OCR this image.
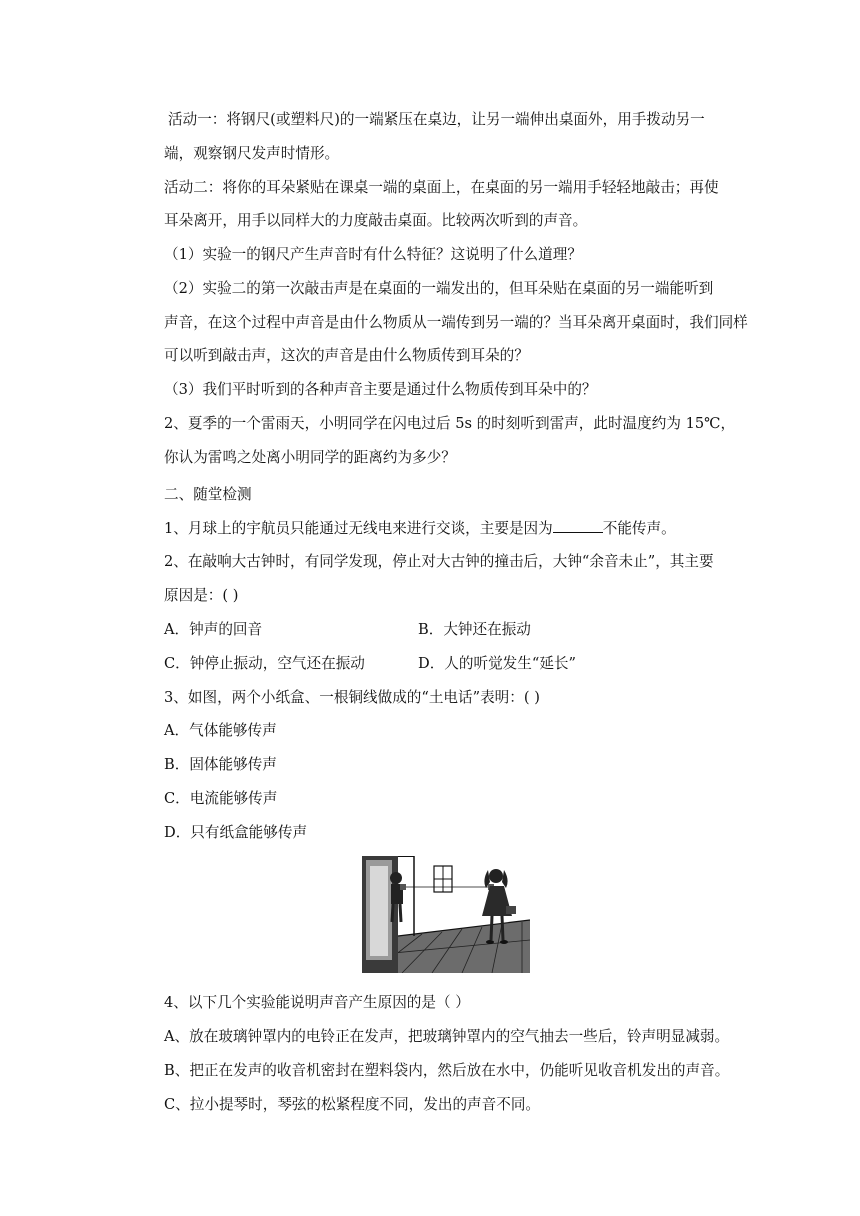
活动一：将钢尺(或塑料尺)的一端紧压在桌边，让另一端伸出桌面外，用手拨动另一
端，观察钢尺发声时情形。
活动二：将你的耳朵紧贴在课桌一端的桌面上，在桌面的另一端用手轻轻地敲击；再使
耳朵离开，用手以同样大的力度敲击桌面。比较两次听到的声音。
（1）实验一的钢尺产生声音时有什么特征？这说明了什么道理？
（2）实验二的第一次敲击声是在桌面的一端发出的，但耳朵贴在桌面的另一端能听到
声音，在这个过程中声音是由什么物质从一端传到另一端的？当耳朵离开桌面时，我们同样
可以听到敲击声，这次的声音是由什么物质传到耳朵的？
（3）我们平时听到的各种声音主要是通过什么物质传到耳朵中的？
2、夏季的一个雷雨天，小明同学在闪电过后 5s 的时刻听到雷声，此时温度约为 15℃，
你认为雷鸣之处离小明同学的距离约为多少？
二、随堂检测
1、月球上的宇航员只能通过无线电来进行交谈，主要是因为	不能传声。
2、在敲响大古钟时，有同学发现，停止对大古钟的撞击后，大钟“余音未止”，其主要
原因是：( )
A．钟声的回音	B．大钟还在振动
C．钟停止振动，空气还在振动	D．人的听觉发生“延长”
3、如图，两个小纸盒、一根铜线做成的“土电话”表明：( )
A．气体能够传声
B．固体能够传声
C．电流能够传声
D．只有纸盒能够传声
4、以下几个实验能说明声音产生原因的是（ ）
A、放在玻璃钟罩内的电铃正在发声，把玻璃钟罩内的空气抽去一些后，铃声明显减弱。
B、把正在发声的收音机密封在塑料袋内，然后放在水中，仍能听见收音机发出的声音。
C、拉小提琴时，琴弦的松紧程度不同，发出的声音不同。
